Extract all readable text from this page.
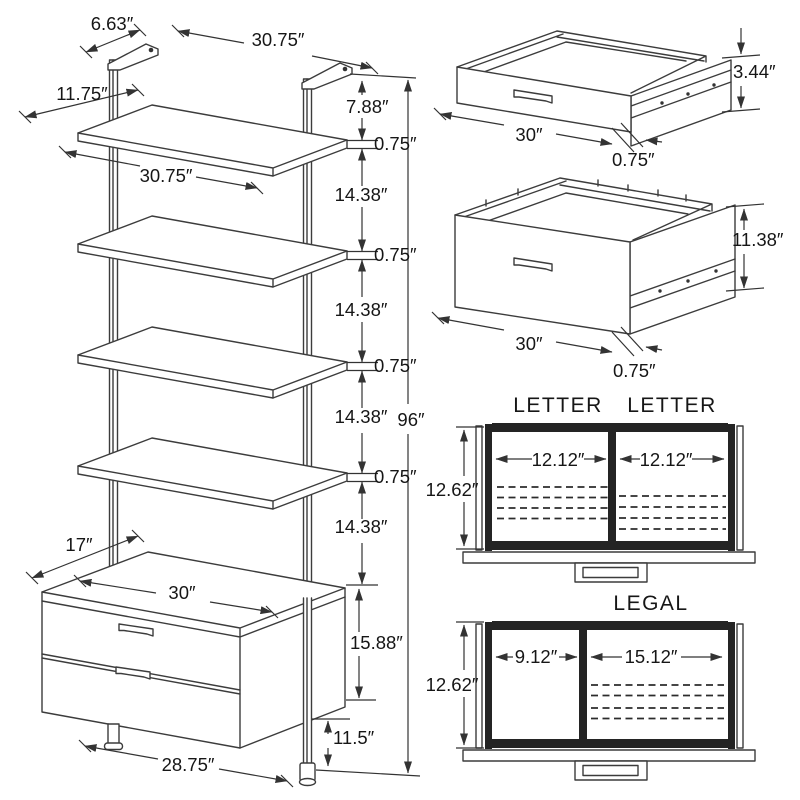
6.63″
30.75″
11.75″
7.88″
30.75″
0.75″
14.38″
0.75″
14.38″
0.75″
14.38″
0.75″
14.38″
96″
17″
30″
15.88″
11.5″
28.75″
3.44″
30″
0.75″
11.38″
30″
0.75″
LETTER LETTER
12.12″	12.12″
12.62″
LEGAL
9.12″	15.12″
12.62″
